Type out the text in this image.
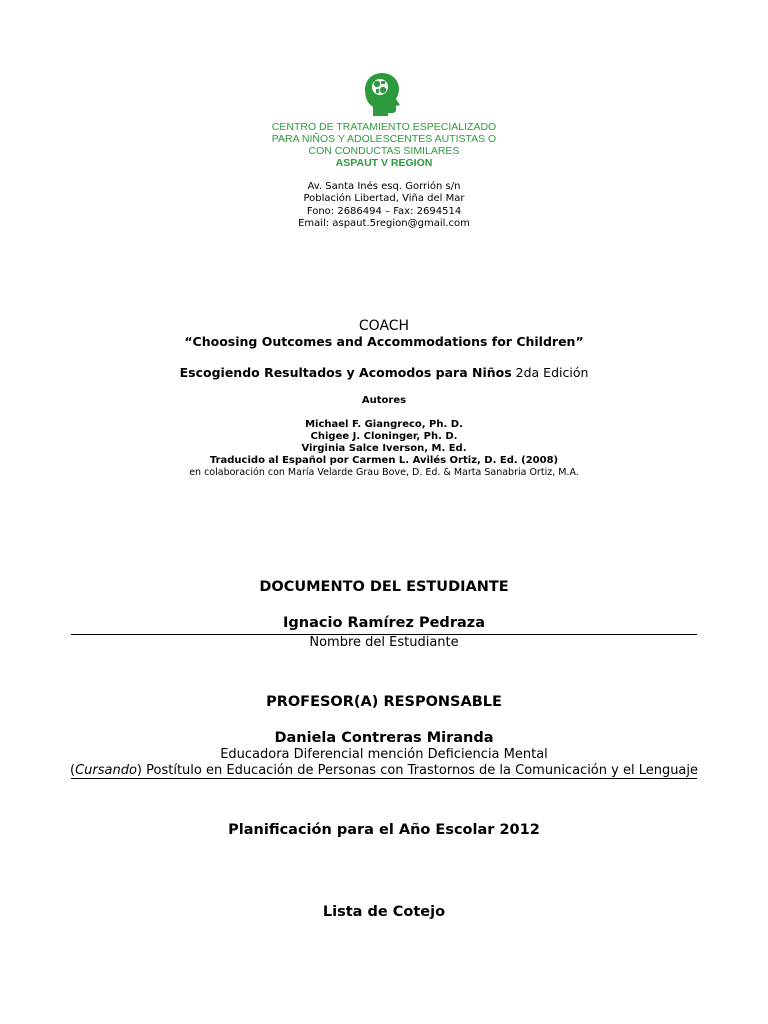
CENTRO DE TRATAMIENTO ESPECIALIZADO
PARA NIÑOS Y ADOLESCENTES AUTISTAS O
CON CONDUCTAS SIMILARES
ASPAUT V REGION
Av. Santa Inés esq. Gorrión s/n
Población Libertad, Viña del Mar
Fono: 2686494 – Fax: 2694514
Email: aspaut.5region@gmail.com
COACH
“Choosing Outcomes and Accommodations for Children”
Escogiendo Resultados y Acomodos para Niños 2da Edición
Autores
Michael F. Giangreco, Ph. D.
Chigee J. Cloninger, Ph. D.
Virginia Salce Iverson, M. Ed.
Traducido al Español por Carmen L. Avilés Ortiz, D. Ed. (2008)
en colaboración con María Velarde Grau Bove, D. Ed. & Marta Sanabria Ortiz, M.A.
DOCUMENTO DEL ESTUDIANTE
Ignacio Ramírez Pedraza
Nombre del Estudiante
PROFESOR(A) RESPONSABLE
Daniela Contreras Miranda
Educadora Diferencial mención Deficiencia Mental
(Cursando) Postítulo en Educación de Personas con Trastornos de la Comunicación y el Lenguaje
Planificación para el Año Escolar 2012
Lista de Cotejo
